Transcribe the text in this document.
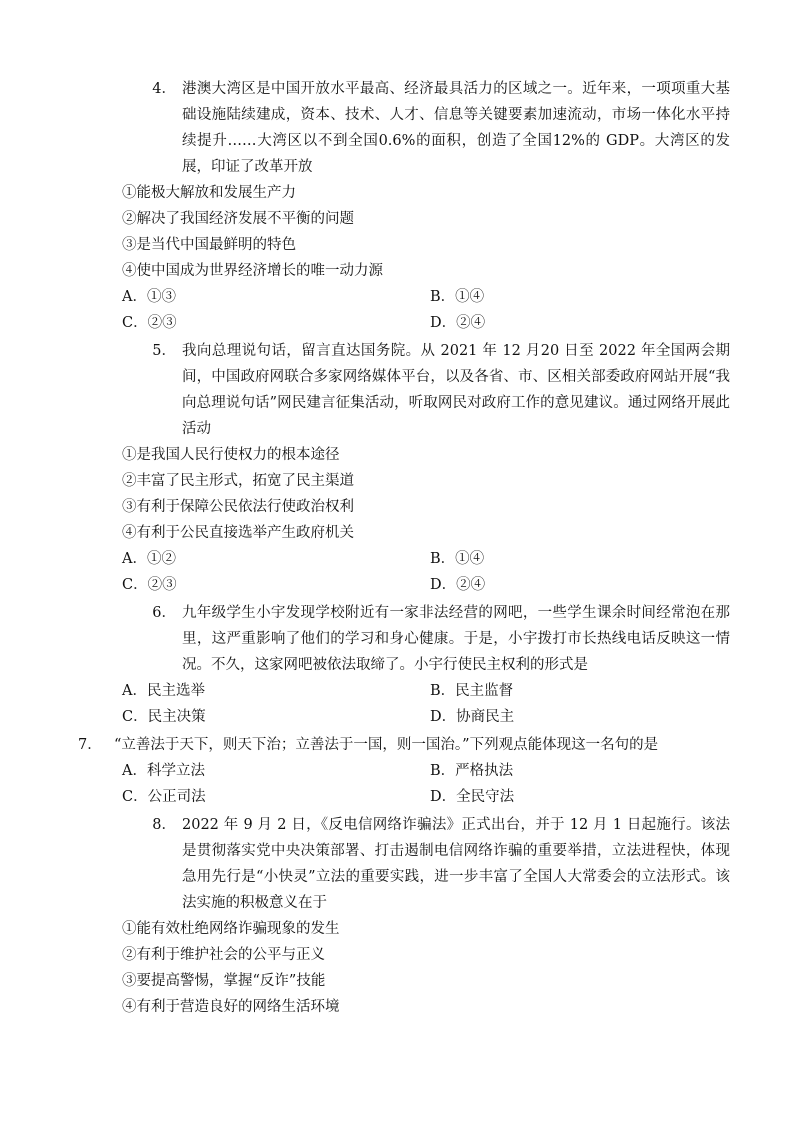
4． 港澳大湾区是中国开放水平最高、经济最具活力的区域之一。近年来，一项项重大基础设施陆续建成，资本、技术、人才、信息等关键要素加速流动，市场一体化水平持续提升……大湾区以不到全国0.6%的面积，创造了全国12%的 GDP。大湾区的发展，印证了改革开放
①能极大解放和发展生产力
②解决了我国经济发展不平衡的问题
③是当代中国最鲜明的特色
④使中国成为世界经济增长的唯一动力源
A．①③	B．①④
C．②③	D．②④
5． 我向总理说句话，留言直达国务院。从 2021 年 12 月20 日至 2022 年全国两会期间，中国政府网联合多家网络媒体平台，以及各省、市、区相关部委政府网站开展“我向总理说句话”网民建言征集活动，听取网民对政府工作的意见建议。通过网络开展此活动
①是我国人民行使权力的根本途径
②丰富了民主形式，拓宽了民主渠道
③有利于保障公民依法行使政治权利
④有利于公民直接选举产生政府机关
A．①②	B．①④
C．②③	D．②④
6． 九年级学生小宇发现学校附近有一家非法经营的网吧，一些学生课余时间经常泡在那里，这严重影响了他们的学习和身心健康。于是，小宇拨打市长热线电话反映这一情况。不久，这家网吧被依法取缔了。小宇行使民主权利的形式是
A．民主选举	B．民主监督
C．民主决策	D．协商民主
7． “立善法于天下，则天下治；立善法于一国，则一国治。”下列观点能体现这一名句的是
A．科学立法	B．严格执法
C．公正司法	D．全民守法
8． 2022 年 9 月 2 日，《反电信网络诈骗法》正式出台，并于 12 月 1 日起施行。该法是贯彻落实党中央决策部署、打击遏制电信网络诈骗的重要举措，立法进程快，体现急用先行是“小快灵”立法的重要实践，进一步丰富了全国人大常委会的立法形式。该法实施的积极意义在于
①能有效杜绝网络诈骗现象的发生
②有利于维护社会的公平与正义
③要提高警惕，掌握“反诈”技能
④有利于营造良好的网络生活环境
